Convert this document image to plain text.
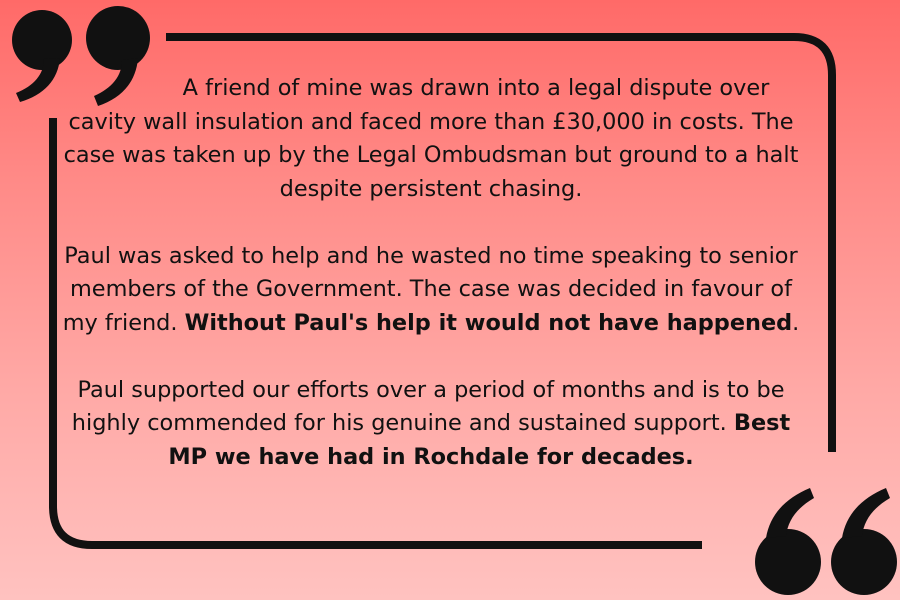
A friend of mine was drawn into a legal dispute over cavity wall insulation and faced more than £30,000 in costs. The case was taken up by the Legal Ombudsman but ground to a halt despite persistent chasing.

Paul was asked to help and he wasted no time speaking to senior members of the Government. The case was decided in favour of my friend. Without Paul's help it would not have happened.

Paul supported our efforts over a period of months and is to be highly commended for his genuine and sustained support. Best MP we have had in Rochdale for decades.
